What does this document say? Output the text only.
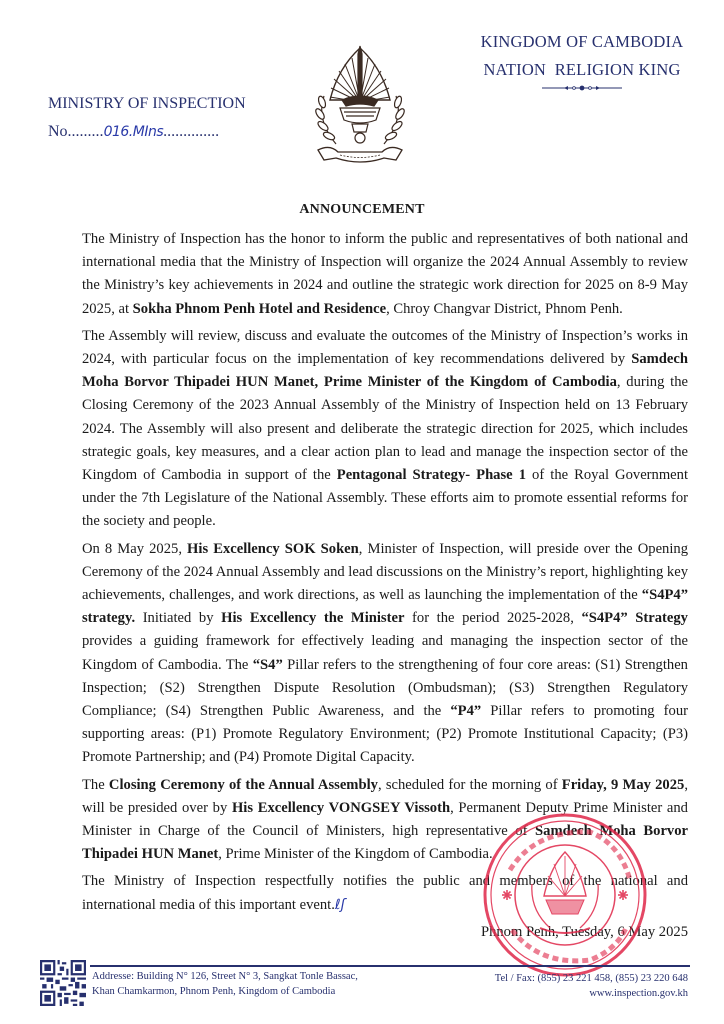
KINGDOM OF CAMBODIA
NATION  RELIGION KING
MINISTRY OF INSPECTION
No.........016.MIns..............
ANNOUNCEMENT

The Ministry of Inspection has the honor to inform the public and representatives of both national and international media that the Ministry of Inspection will organize the 2024 Annual Assembly to review the Ministry’s key achievements in 2024 and outline the strategic work direction for 2025 on 8-9 May 2025, at Sokha Phnom Penh Hotel and Residence, Chroy Changvar District, Phnom Penh.

The Assembly will review, discuss and evaluate the outcomes of the Ministry of Inspection’s works in 2024, with particular focus on the implementation of key recommendations delivered by Samdech Moha Borvor Thipadei HUN Manet, Prime Minister of the Kingdom of Cambodia, during the Closing Ceremony of the 2023 Annual Assembly of the Ministry of Inspection held on 13 February 2024. The Assembly will also present and deliberate the strategic direction for 2025, which includes strategic goals, key measures, and a clear action plan to lead and manage the inspection sector of the Kingdom of Cambodia in support of the Pentagonal Strategy- Phase 1 of the Royal Government under the 7th Legislature of the National Assembly. These efforts aim to promote essential reforms for the society and people.

On 8 May 2025, His Excellency SOK Soken, Minister of Inspection, will preside over the Opening Ceremony of the 2024 Annual Assembly and lead discussions on the Ministry’s report, highlighting key achievements, challenges, and work directions, as well as launching the implementation of the “S4P4” strategy. Initiated by His Excellency the Minister for the period 2025-2028, “S4P4” Strategy provides a guiding framework for effectively leading and managing the inspection sector of the Kingdom of Cambodia. The “S4” Pillar refers to the strengthening of four core areas: (S1) Strengthen Inspection; (S2) Strengthen Dispute Resolution (Ombudsman); (S3) Strengthen Regulatory Compliance; (S4) Strengthen Public Awareness, and the “P4” Pillar refers to promoting four supporting areas: (P1) Promote Regulatory Environment; (P2) Promote Institutional Capacity; (P3) Promote Partnership; and (P4) Promote Digital Capacity.

The Closing Ceremony of the Annual Assembly, scheduled for the morning of Friday, 9 May 2025, will be presided over by His Excellency VONGSEY Vissoth, Permanent Deputy Prime Minister and Minister in Charge of the Council of Ministers, high representative of Samdech Moha Borvor Thipadei HUN Manet, Prime Minister of the Kingdom of Cambodia.

The Ministry of Inspection respectfully notifies the public and members of the national and international media of this important event.ℓʃ

Phnom Penh, Tuesday, 6 May 2025
Addresse: Building N° 126, Street N° 3, Sangkat Tonle Bassac,
Khan Chamkarmon, Phnom Penh, Kingdom of Cambodia
Tel / Fax: (855) 23 221 458, (855) 23 220 648
www.inspection.gov.kh
